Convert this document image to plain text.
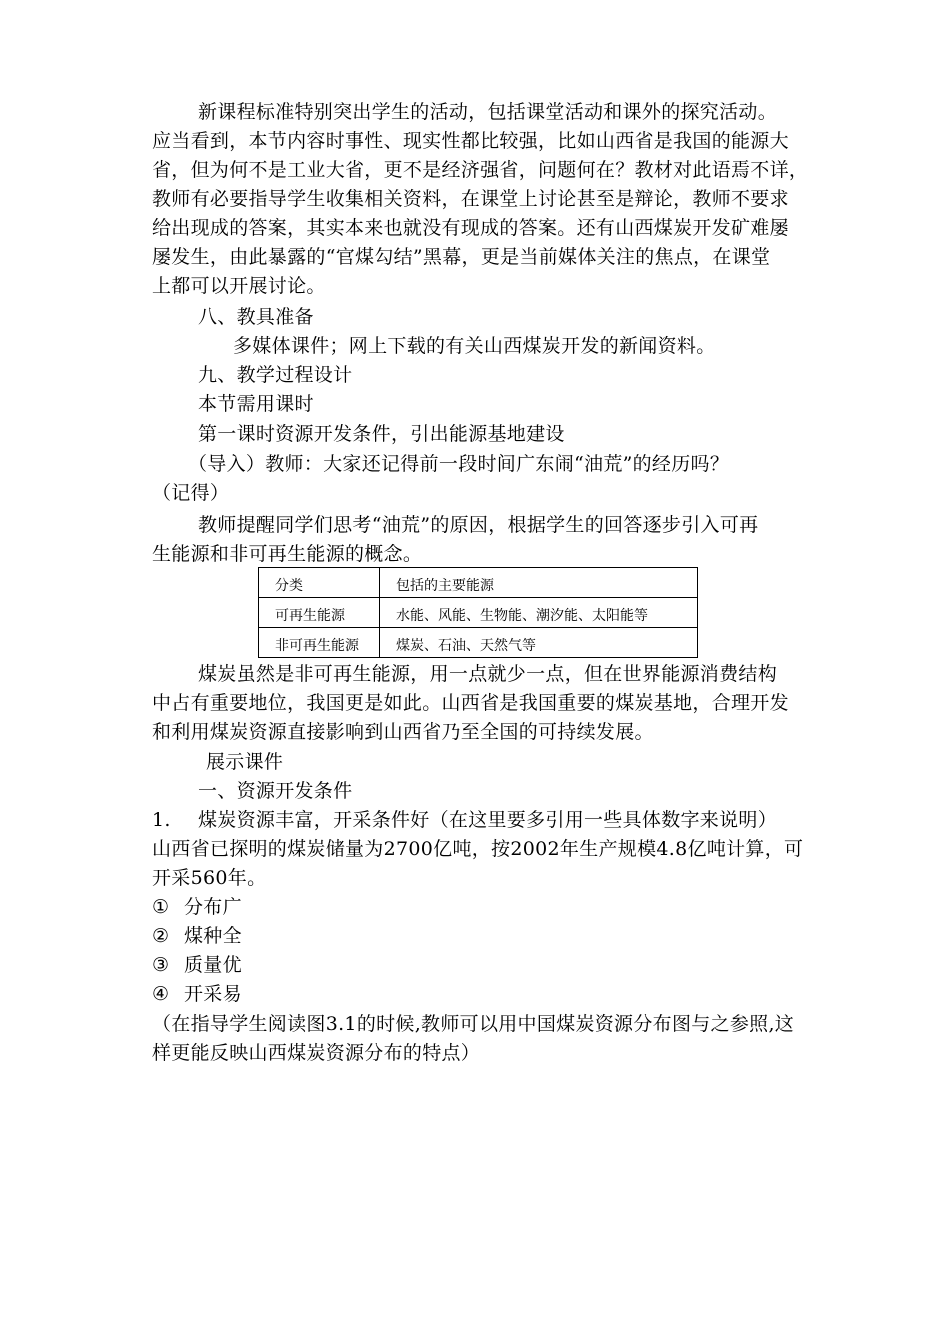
新课程标准特别突出学生的活动，包括课堂活动和课外的探究活动。
应当看到，本节内容时事性、现实性都比较强，比如山西省是我国的能源大
省，但为何不是工业大省，更不是经济强省，问题何在？教材对此语焉不详，
教师有必要指导学生收集相关资料，在课堂上讨论甚至是辩论，教师不要求
给出现成的答案，其实本来也就没有现成的答案。还有山西煤炭开发矿难屡
屡发生，由此暴露的“官煤勾结”黑幕，更是当前媒体关注的焦点，在课堂
上都可以开展讨论。
八、教具准备
多媒体课件；网上下载的有关山西煤炭开发的新闻资料。
九、教学过程设计
本节需用课时
第一课时资源开发条件，引出能源基地建设
（导入）教师：大家还记得前一段时间广东闹“油荒”的经历吗？
（记得）
教师提醒同学们思考“油荒”的原因，根据学生的回答逐步引入可再
生能源和非可再生能源的概念。
分类	包括的主要能源
可再生能源	水能、风能、生物能、潮汐能、太阳能等
非可再生能源	煤炭、石油、天然气等
煤炭虽然是非可再生能源，用一点就少一点，但在世界能源消费结构
中占有重要地位，我国更是如此。山西省是我国重要的煤炭基地，合理开发
和利用煤炭资源直接影响到山西省乃至全国的可持续发展。
展示课件
一、资源开发条件
1. 煤炭资源丰富，开采条件好（在这里要多引用一些具体数字来说明）
山西省已探明的煤炭储量为2700亿吨，按2002年生产规模4.8亿吨计算，可
开采560年。
① 分布广
② 煤种全
③ 质量优
④ 开采易
（在指导学生阅读图3.1的时候,教师可以用中国煤炭资源分布图与之参照,这
样更能反映山西煤炭资源分布的特点）
